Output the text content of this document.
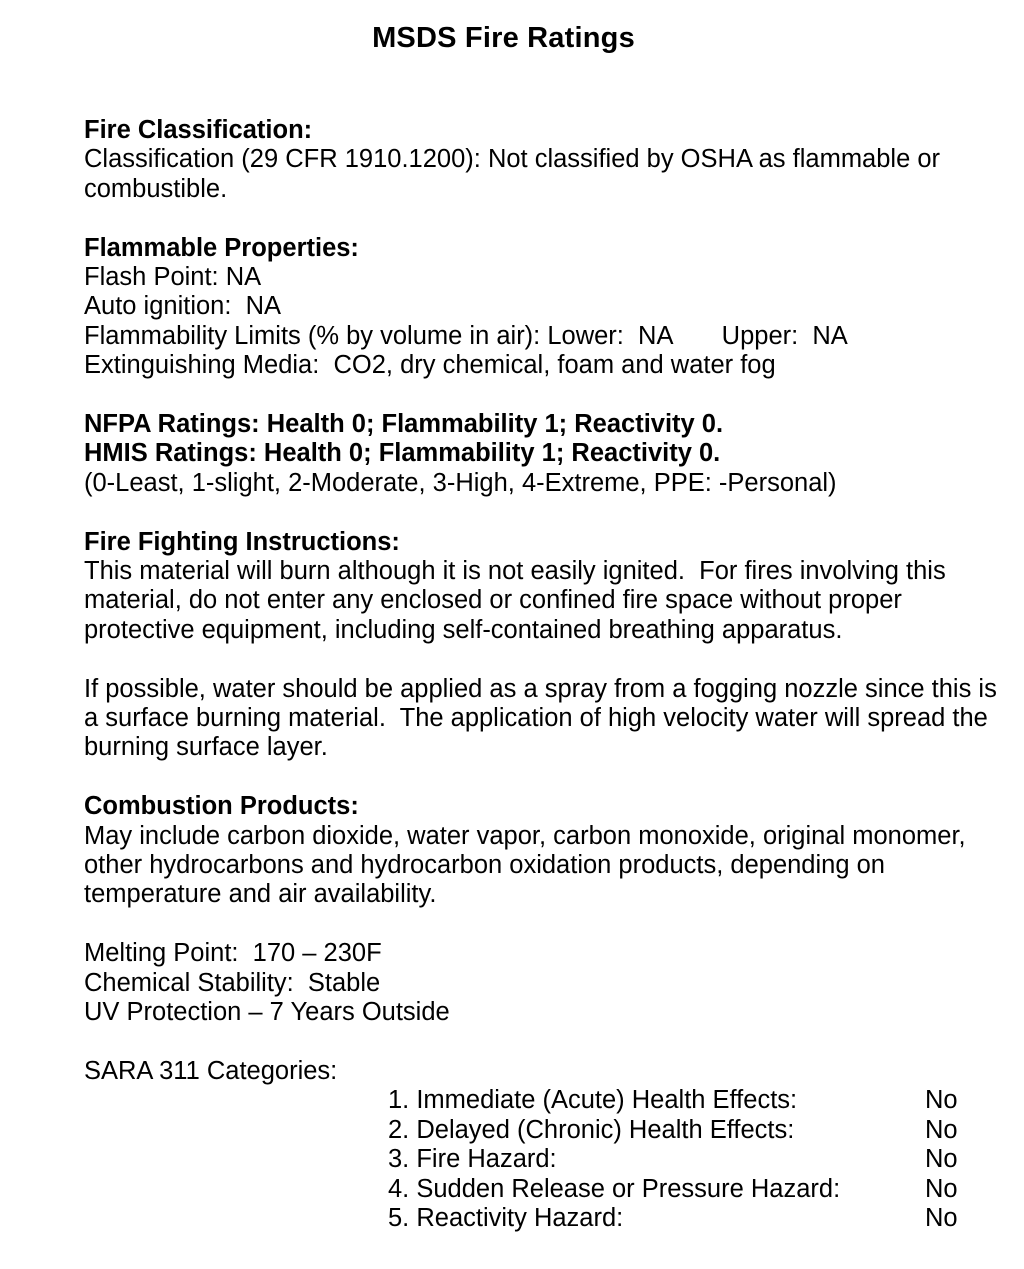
MSDS Fire Ratings
Fire Classification:
Classification (29 CFR 1910.1200): Not classified by OSHA as flammable or
combustible.
Flammable Properties:
Flash Point: NA
Auto ignition:  NA
Flammability Limits (% by volume in air): Lower:  NA       Upper:  NA
Extinguishing Media:  CO2, dry chemical, foam and water fog
NFPA Ratings: Health 0; Flammability 1; Reactivity 0.
HMIS Ratings: Health 0; Flammability 1; Reactivity 0.
(0-Least, 1-slight, 2-Moderate, 3-High, 4-Extreme, PPE: -Personal)
Fire Fighting Instructions:
This material will burn although it is not easily ignited.  For fires involving this
material, do not enter any enclosed or confined fire space without proper
protective equipment, including self-contained breathing apparatus.
If possible, water should be applied as a spray from a fogging nozzle since this is
a surface burning material.  The application of high velocity water will spread the
burning surface layer.
Combustion Products:
May include carbon dioxide, water vapor, carbon monoxide, original monomer,
other hydrocarbons and hydrocarbon oxidation products, depending on
temperature and air availability.
Melting Point:  170 – 230F
Chemical Stability:  Stable
UV Protection – 7 Years Outside
SARA 311 Categories:
1. Immediate (Acute) Health Effects:	No
2. Delayed (Chronic) Health Effects:	No
3. Fire Hazard:	No
4. Sudden Release or Pressure Hazard:	No
5. Reactivity Hazard:	No
